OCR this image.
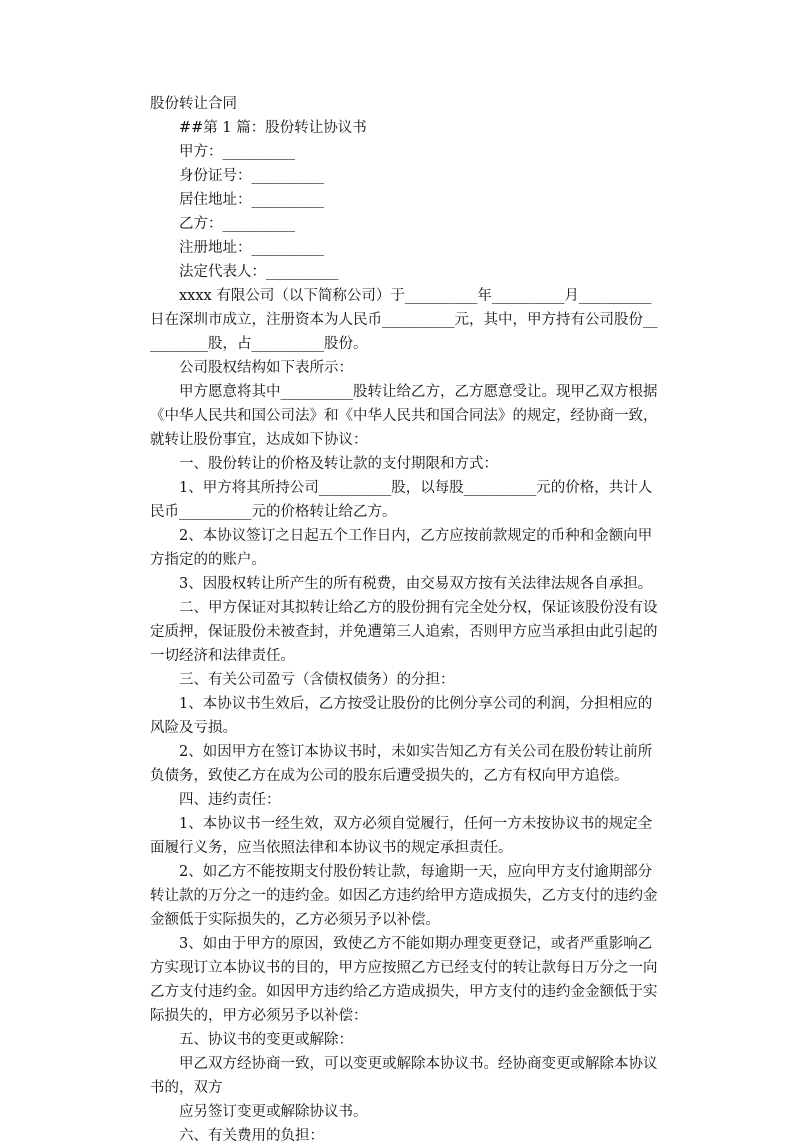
股份转让合同

##第 1 篇：股份转让协议书

甲方：__________

身份证号：__________

居住地址：__________

乙方：__________

注册地址：__________

法定代表人：__________

xxxx 有限公司（以下简称公司）于__________年__________月__________日在深圳市成立，注册资本为人民币__________元，其中，甲方持有公司股份__________股，占__________股份。

公司股权结构如下表所示：

甲方愿意将其中__________股转让给乙方，乙方愿意受让。现甲乙双方根据《中华人民共和国公司法》和《中华人民共和国合同法》的规定，经协商一致，就转让股份事宜，达成如下协议：

一、股份转让的价格及转让款的支付期限和方式：

1、甲方将其所持公司__________股，以每股__________元的价格，共计人民币__________元的价格转让给乙方。

2、本协议签订之日起五个工作日内，乙方应按前款规定的币种和金额向甲方指定的的账户。

3、因股权转让所产生的所有税费，由交易双方按有关法律法规各自承担。

二、甲方保证对其拟转让给乙方的股份拥有完全处分权，保证该股份没有设定质押，保证股份未被查封，并免遭第三人追索，否则甲方应当承担由此引起的一切经济和法律责任。

三、有关公司盈亏（含债权债务）的分担：

1、本协议书生效后，乙方按受让股份的比例分享公司的利润，分担相应的风险及亏损。

2、如因甲方在签订本协议书时，未如实告知乙方有关公司在股份转让前所负债务，致使乙方在成为公司的股东后遭受损失的，乙方有权向甲方追偿。

四、违约责任：

1、本协议书一经生效，双方必须自觉履行，任何一方未按协议书的规定全面履行义务，应当依照法律和本协议书的规定承担责任。

2、如乙方不能按期支付股份转让款，每逾期一天，应向甲方支付逾期部分转让款的万分之一的违约金。如因乙方违约给甲方造成损失，乙方支付的违约金金额低于实际损失的，乙方必须另予以补偿。

3、如由于甲方的原因，致使乙方不能如期办理变更登记，或者严重影响乙方实现订立本协议书的目的，甲方应按照乙方已经支付的转让款每日万分之一向乙方支付违约金。如因甲方违约给乙方造成损失，甲方支付的违约金金额低于实际损失的，甲方必须另予以补偿：

五、协议书的变更或解除：

甲乙双方经协商一致，可以变更或解除本协议书。经协商变更或解除本协议书的，双方

应另签订变更或解除协议书。

六、有关费用的负担：
